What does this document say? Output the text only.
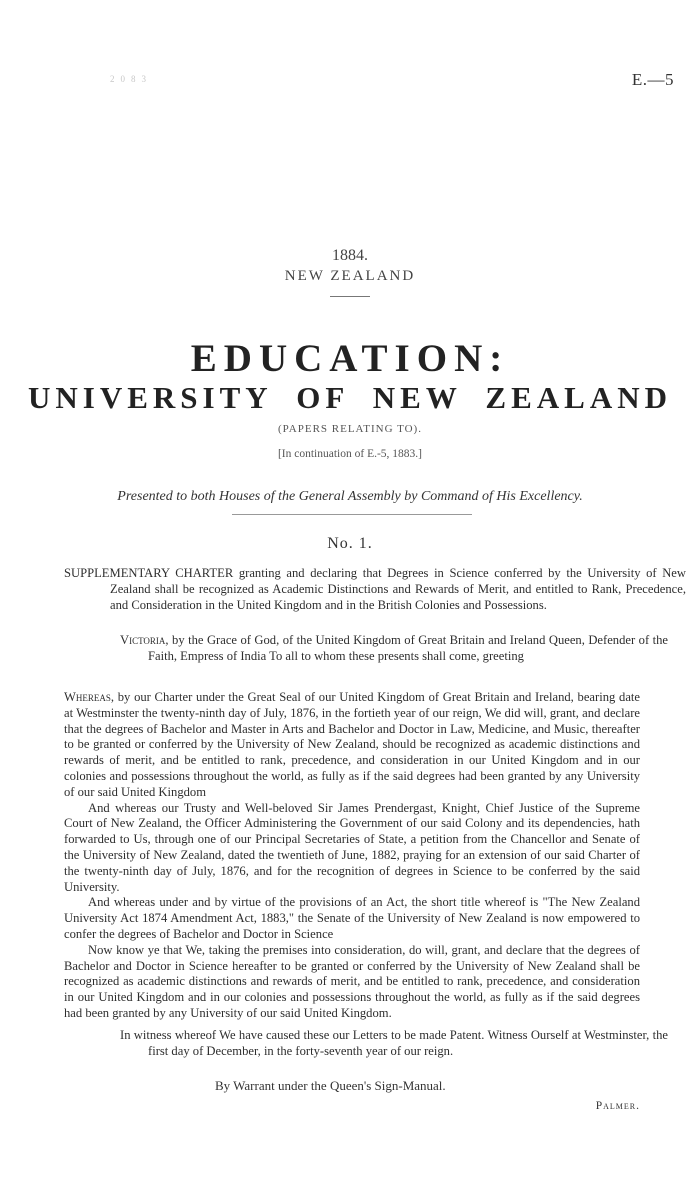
2083	E.—5
1884.
NEW ZEALAND
EDUCATION:
UNIVERSITY OF NEW ZEALAND
(PAPERS RELATING TO).
[In continuation of E.-5, 1883.]
Presented to both Houses of the General Assembly by Command of His Excellency.
No. 1.
SUPPLEMENTARY CHARTER granting and declaring that Degrees in Science conferred by the University of New Zealand shall be recognized as Academic Distinctions and Rewards of Merit, and entitled to Rank, Precedence, and Consideration in the United Kingdom and in the British Colonies and Possessions.
Victoria, by the Grace of God, of the United Kingdom of Great Britain and Ireland Queen, Defender of the Faith, Empress of India To all to whom these presents shall come, greeting

Whereas, by our Charter under the Great Seal of our United Kingdom of Great Britain and Ireland, bearing date at Westminster the twenty-ninth day of July, 1876, in the fortieth year of our reign, We did will, grant, and declare that the degrees of Bachelor and Master in Arts and Bachelor and Doctor in Law, Medicine, and Music, thereafter to be granted or conferred by the University of New Zealand, should be recognized as academic distinctions and rewards of merit, and be entitled to rank, precedence, and consideration in our United Kingdom and in our colonies and possessions throughout the world, as fully as if the said degrees had been granted by any University of our said United Kingdom

And whereas our Trusty and Well-beloved Sir James Prendergast, Knight, Chief Justice of the Supreme Court of New Zealand, the Officer Administering the Government of our said Colony and its dependencies, hath forwarded to Us, through one of our Principal Secretaries of State, a petition from the Chancellor and Senate of the University of New Zealand, dated the twentieth of June, 1882, praying for an extension of our said Charter of the twenty-ninth day of July, 1876, and for the recognition of degrees in Science to be conferred by the said University.

And whereas under and by virtue of the provisions of an Act, the short title whereof is "The New Zealand University Act 1874 Amendment Act, 1883," the Senate of the University of New Zealand is now empowered to confer the degrees of Bachelor and Doctor in Science

Now know ye that We, taking the premises into consideration, do will, grant, and declare that the degrees of Bachelor and Doctor in Science hereafter to be granted or conferred by the University of New Zealand shall be recognized as academic distinctions and rewards of merit, and be entitled to rank, precedence, and consideration in our United Kingdom and in our colonies and possessions throughout the world, as fully as if the said degrees had been granted by any University of our said United Kingdom.

In witness whereof We have caused these our Letters to be made Patent. Witness Ourself at Westminster, the first day of December, in the forty-seventh year of our reign.
By Warrant under the Queen's Sign-Manual.
Palmer.
